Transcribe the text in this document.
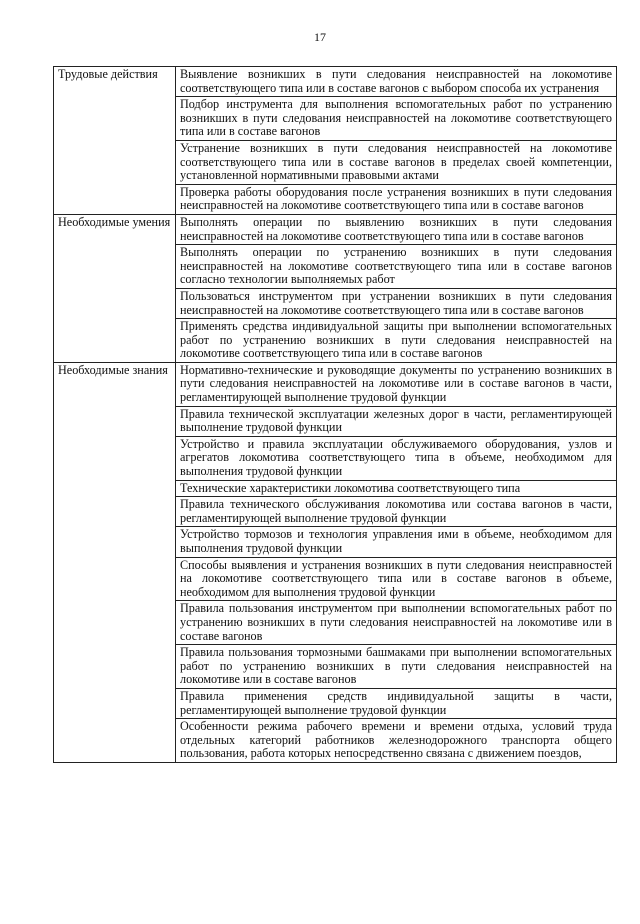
17
Трудовые действия	Выявление возникших в пути следования неисправностей на локомотиве соответствующего типа или в составе вагонов с выбором способа их устранения
	Подбор инструмента для выполнения вспомогательных работ по устранению возникших в пути следования неисправностей на локомотиве соответствующего типа или в составе вагонов
	Устранение возникших в пути следования неисправностей на локомотиве соответствующего типа или в составе вагонов в пределах своей компетенции, установленной нормативными правовыми актами
	Проверка работы оборудования после устранения возникших в пути следования неисправностей на локомотиве соответствующего типа или в составе вагонов
Необходимые умения	Выполнять операции по выявлению возникших в пути следования неисправностей на локомотиве соответствующего типа или в составе вагонов
	Выполнять операции по устранению возникших в пути следования неисправностей на локомотиве соответствующего типа или в составе вагонов согласно технологии выполняемых работ
	Пользоваться инструментом при устранении возникших в пути следования неисправностей на локомотиве соответствующего типа или в составе вагонов
	Применять средства индивидуальной защиты при выполнении вспомогательных работ по устранению возникших в пути следования неисправностей на локомотиве соответствующего типа или в составе вагонов
Необходимые знания	Нормативно-технические и руководящие документы по устранению возникших в пути следования неисправностей на локомотиве или в составе вагонов в части, регламентирующей выполнение трудовой функции
	Правила технической эксплуатации железных дорог в части, регламентирующей выполнение трудовой функции
	Устройство и правила эксплуатации обслуживаемого оборудования, узлов и агрегатов локомотива соответствующего типа в объеме, необходимом для выполнения трудовой функции
	Технические характеристики локомотива соответствующего типа
	Правила технического обслуживания локомотива или состава вагонов в части, регламентирующей выполнение трудовой функции
	Устройство тормозов и технология управления ими в объеме, необходимом для выполнения трудовой функции
	Способы выявления и устранения возникших в пути следования неисправностей на локомотиве соответствующего типа или в составе вагонов в объеме, необходимом для выполнения трудовой функции
	Правила пользования инструментом при выполнении вспомогательных работ по устранению возникших в пути следования неисправностей на локомотиве или в составе вагонов
	Правила пользования тормозными башмаками при выполнении вспомогательных работ по устранению возникших в пути следования неисправностей на локомотиве или в составе вагонов
	Правила применения средств индивидуальной защиты в части, регламентирующей выполнение трудовой функции
	Особенности режима рабочего времени и времени отдыха, условий труда отдельных категорий работников железнодорожного транспорта общего пользования, работа которых непосредственно связана с движением поездов,
